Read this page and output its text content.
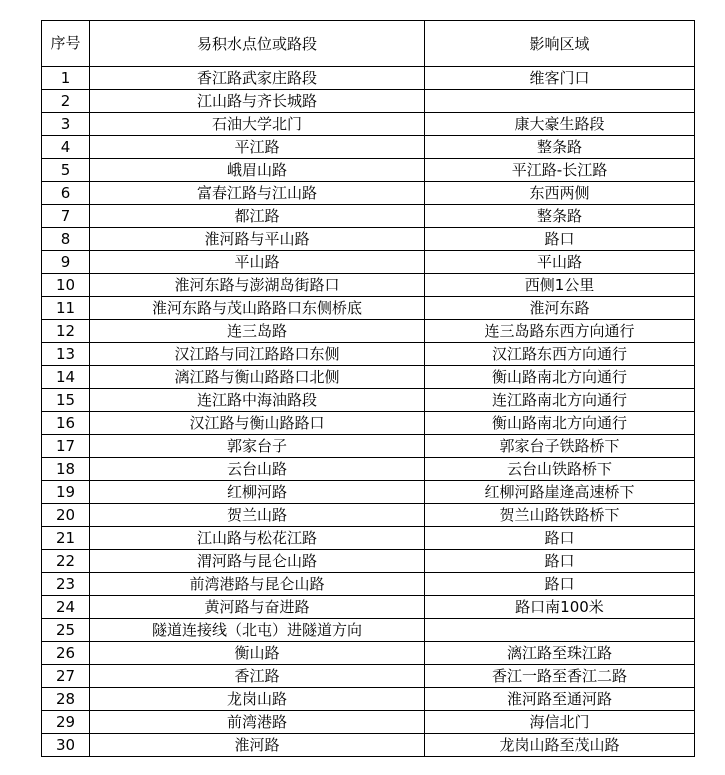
序号	易积水点位或路段	影响区域
1	香江路武家庄路段	维客门口
2	江山路与齐长城路	
3	石油大学北门	康大豪生路段
4	平江路	整条路
5	峨眉山路	平江路-长江路
6	富春江路与江山路	东西两侧
7	都江路	整条路
8	淮河路与平山路	路口
9	平山路	平山路
10	淮河东路与澎湖岛街路口	西侧1公里
11	淮河东路与茂山路路口东侧桥底	淮河东路
12	连三岛路	连三岛路东西方向通行
13	汉江路与同江路路口东侧	汉江路东西方向通行
14	漓江路与衡山路路口北侧	衡山路南北方向通行
15	连江路中海油路段	连江路南北方向通行
16	汉江路与衡山路路口	衡山路南北方向通行
17	郭家台子	郭家台子铁路桥下
18	云台山路	云台山铁路桥下
19	红柳河路	红柳河路崖逄高速桥下
20	贺兰山路	贺兰山路铁路桥下
21	江山路与松花江路	路口
22	渭河路与昆仑山路	路口
23	前湾港路与昆仑山路	路口
24	黄河路与奋进路	路口南100米
25	隧道连接线（北屯）进隧道方向	
26	衡山路	漓江路至珠江路
27	香江路	香江一路至香江二路
28	龙岗山路	淮河路至通河路
29	前湾港路	海信北门
30	淮河路	龙岗山路至茂山路
